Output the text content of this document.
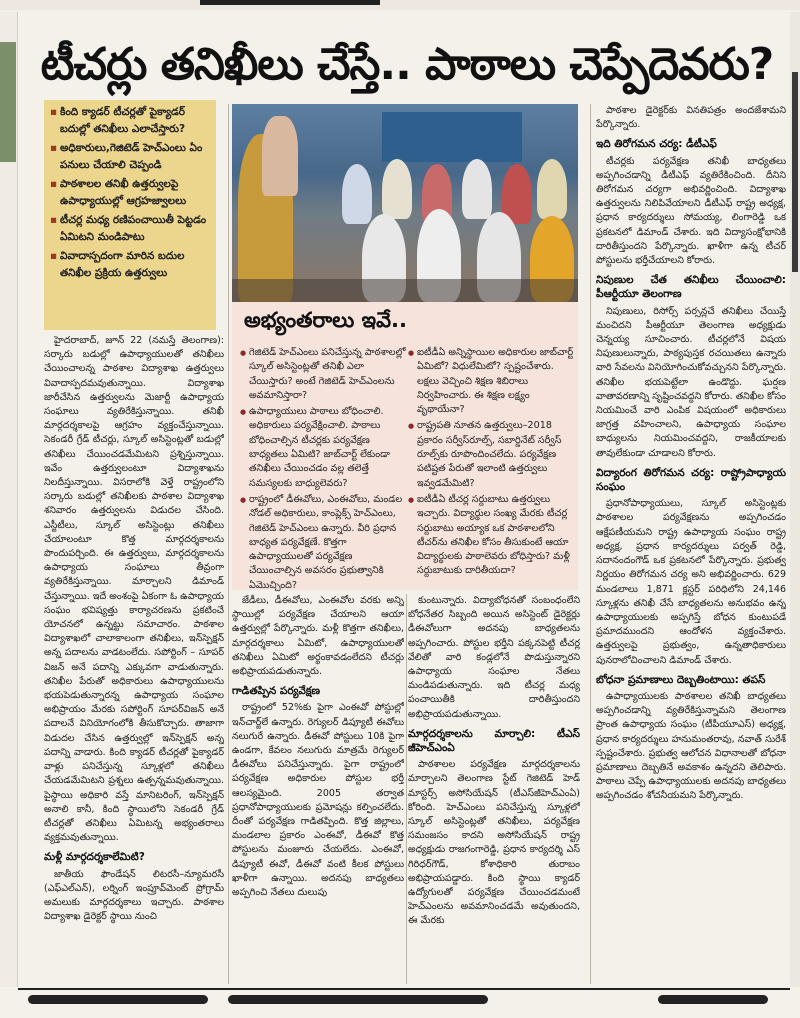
టీచర్లు తనిఖీలు చేస్తే.. పాఠాలు చెప్పేదెవరు?
▪ కింది క్యాడర్ టీచర్లతో పైక్యాడర్ బదుల్లో తనిఖీలు ఎలాచేస్తారు?
▪ అధికారులు,గెజిటెడ్ హెచ్‌ఎంలు ఏం పనులు చేయాలి చెప్పండి
▪ పాఠశాలల తనిఖీ ఉత్తర్వులపై ఉపాధ్యాయుల్లో ఆగ్రహజ్వాలలు
▪ టీచర్ల మధ్య రణిపంచాయితీ పెట్టడం ఏమిటని మండిపాటు
▪ వివాదాస్పదంగా మారిన బదుల తనిఖీల ప్రక్రియ ఉత్తర్వులు
అభ్యంతరాలు ఇవే..
● గెజిటెడ్ హెచ్‌ఎంలు పనిచేస్తున్న పాఠశాలల్లో స్కూల్ అసిస్టెంట్లతో తనిఖీ ఎలా చేయిస్తారు? అంటే గెజిటెడ్ హెచ్‌ఎంలను అవమానిస్తారా?
● ఉపాధ్యాయులు పాఠాలు బోధించాలి. అధికారులు పర్యవేక్షించాలి. పాఠాలు బోధించాల్సిన టీచర్లకు పర్యవేక్షణ బాధ్యతలు ఏమిటి? జాబ్‌చార్ట్ లేకుండా తనిఖీలు చేయించడం వల్ల తలెత్తే సమస్యలకు బాధ్యులెవరు?
● రాష్ట్రంలో డీఈవోలు, ఎంఈవోలు, మండల నోడల్ అధికారులు, కాంప్లెక్స్ హెచ్‌ఎంలు, గెజిటెడ్ హెచ్‌ఎంలు ఉన్నారు. వీరి ప్రధాన బాధ్యత పర్యవేక్షణే. కొత్తగా ఉపాధ్యాయులతో పర్యవేక్షణ చేయించాల్సిన అవసరం ప్రభుత్వానికి ఏమొచ్చింది?
● ఐటీడీఏ అన్నిస్థాయిల అధికారుల జాబ్‌చార్ట్ ఏమిటో? విధులేమిటో? స్పష్టంచేశారు. లక్షలు వెచ్చించి శిక్షణ శిబిరాలు నిర్వహించారు. ఈ శిక్షణ లక్ష్యం వృథాయేనా?
● రాష్ట్రపతి నూతన ఉత్తర్వులు–2018 ప్రకారం సర్వీస్‌రూల్స్, సబార్డినేట్ సర్వీస్ రూల్స్‌కు రూపొందించలేదు. పర్యవేక్షణ పటిష్టత పేరుతో ఇలాంటి ఉత్తర్వులు ఇవ్వడమేమిటి?
● ఐటీడీఏ టీచర్ల సర్దుబాటు ఉత్తర్వులు ఇచ్చారు. విద్యార్థుల సంఖ్య మేరకు టీచర్ల సర్దుబాటు అయ్యాక ఒక పాఠశాలలోని టీచర్‌ను తనిఖీల కోసం తీసుకుంటే ఆయా విద్యార్థులకు పాఠాలెవరు బోధిస్తారు? మళ్లీ సర్దుబాటుకు దారితీయదా?

హైదరాబాద్, జూన్ 22 (నమస్తే తెలంగాణ): సర్కారు బడుల్లో ఉపాధ్యాయులతో తనిఖీలు చేయించాలన్న పాఠశాల విద్యాశాఖ ఉత్తర్వులు వివాదాస్పదమవుతున్నాయి. విద్యాశాఖ జారీచేసిన ఉత్తర్వులను మెజార్టీ ఉపాధ్యాయ సంఘాలు వ్యతిరేకిస్తున్నాయి. తనిఖీ మార్గదర్శకాలపై ఆగ్రహం వ్యక్తంచేస్తున్నాయి. సెకండరీ గ్రేడ్ టీచర్లు, స్కూల్ అసిస్టెంట్లతో బడుల్లో తనిఖీలు చేయించడమేమిటని ప్రశ్నిస్తున్నాయి. ఇవేం ఉత్తర్వులంటూ విద్యాశాఖను నిలదీస్తున్నాయి. విసరాలోకి వెళ్తే రాష్ట్రంలోని సర్కారు బడుల్లో తనిఖీలకు పాఠశాల విద్యాశాఖ శనివారం ఉత్తర్వులను విడుదల చేసింది. ఎస్జీటీలు, స్కూల్ అసిస్టెంట్లు తనిఖీలు చేయాలంటూ కొత్త మార్గదర్శకాలను పొందుపర్చింది. ఈ ఉత్తర్వులు, మార్గదర్శకాలను ఉపాధ్యాయ సంఘాలు తీవ్రంగా వ్యతిరేకిస్తున్నాయి. మార్చాలని డిమాండ్ చేస్తున్నాయి. ఇదే అంశంపై ఏకంగా ఓ ఉపాధ్యాయ సంఘం భవిష్యత్తు కార్యాచరణను ప్రకటించే యోచనలో ఉన్నట్టు సమాచారం. పాఠశాల విద్యాశాఖలో చాలాకాలంగా తనిఖీలు, ఇన్‌స్పెక్షన్ అన్న పదాలను వాడటంలేదు. సపోర్టింగ్ – సూపర్ విజన్ అనే పదాన్ని ఎక్కువగా వాడుతున్నారు. తనిఖీల పేరుతో అధికారులు ఉపాధ్యాయులను భయపెడుతున్నారన్న ఉపాధ్యాయ సంఘాల అభిప్రాయం మేరకు సపోర్టింగ్ సూపర్‌విజన్ అనే పదాలనే వినియోగంలోకి తీసుకొచ్చారు. తాజాగా విడుదల చేసిన ఉత్తర్వుల్లో ఇన్‌స్పెక్షన్ అన్న పదాన్ని వాడారు. కింది క్యాడర్ టీచర్లతో పైక్యాడర్ వాళ్లు పనిచేస్తున్న స్కూళ్లలో తనిఖీలు చేయడమేమిటని ప్రశ్నలు ఉత్పన్నమవుతున్నాయి. పైస్థాయి అధికారి వస్తే మానిటరింగ్, ఇన్‌స్పెక్షన్ అనాలి కానీ, కింది స్థాయిలోని సెకండరీ గ్రేడ్ టీచర్లతో తనిఖీలు ఏమిటన్న అభ్యంతరాలు వ్యక్తమవుతున్నాయి.

మళ్లీ మార్గదర్శకాలేమిటి?

జాతీయ ఫౌండేషన్ లిటరసీ–న్యూమరసీ (ఎఫ్‌ఎల్‌ఎన్), లర్నింగ్ ఇంప్రూవ్‌మెంట్ ప్రోగ్రామ్ అమలుకు మార్గదర్శకాలు ఇచ్చారు. పాఠశాల విద్యాశాఖ డైరెక్టర్ స్థాయి నుంచి

జేడీలు, డీఈవోలు, ఎంఈవోల వరకు అన్ని స్థాయిల్లో పర్యవేక్షణ చేయాలని ఆయా ఉత్తర్వుల్లో పేర్కొన్నారు. మళ్లీ కొత్తగా తనిఖీలు, మార్గదర్శకాలు ఏమిటో, ఉపాధ్యాయులతో తనిఖీలు ఏమిటో అర్థంకావడంలేదని టీచర్లు అభిప్రాయపడుతున్నారు.

గాడితప్పిన పర్యవేక్షణ

రాష్ట్రంలో 52%కు పైగా ఎంఈవో పోస్టుల్లో ఇన్‌చార్జ్‌లే ఉన్నారు. రెగ్యులర్ డిప్యూటీ ఈవోలు నలుగురే ఉన్నారు. డీఈవో పోస్టులు 10కి పైగా ఉండగా, కేవలం నలుగురు మాత్రమే రెగ్యులర్ డీఈవోలు పనిచేస్తున్నారు. పైగా రాష్ట్రంలో పర్యవేక్షణ అధికారుల పోస్టుల భర్తీ ఆలస్యమైంది. 2005 తర్వాత ప్రధానోపాధ్యాయులకు ప్రమోషన్లు కల్పించలేదు. దీంతో పర్యవేక్షణ గాడితప్పింది. కొత్త జిల్లాలు, మండలాల ప్రకారం ఎంఈవో, డీఈవో కొత్త పోస్టులను మంజూరు చేయలేదు. ఎంఈవో, డిప్యూటీ ఈవో, డీఈవో వంటి కీలక పోస్టులు ఖాళీగా ఉన్నాయి. అదనపు బాధ్యతలు అప్పగించి నేతలు దులుపు

కుంటున్నారు. విద్యాబోధనతో సంబంధంలేని బోధనేతర సిబ్బంది అయిన అసిస్టెంట్ డైరెక్టర్లు డీఈవోలుగా అదనపు బాధ్యతలను అప్పగించారు. పోస్టుల భర్తీని పక్కనపెట్టి టీచర్ల వేలితో వారి కండ్లలోనే పొడుస్తున్నారని ఉపాధ్యాయ సంఘాల నేతలు మండిపడుతున్నారు. ఇది టీచర్ల మధ్య పంచాయితీకి దారితీస్తుందని అభిప్రాయపడుతున్నాయి.

మార్గదర్శకాలను మార్చాలి: టీఎస్ జీహెచ్‌ఎంఏ

పాఠశాలల పర్యవేక్షణ మార్గదర్శకాలను మార్చాలని తెలంగాణ స్టేట్ గెజిటెడ్ హెడ్ మాస్టర్స్ అసోసియేషన్ (టీఎస్‌జీహెచ్‌ఎంఏ) కోరింది. హెచ్‌ఎంలు పనిచేస్తున్న స్కూళ్లలో స్కూల్ అసిస్టెంట్లతో తనిఖీలు, పర్యవేక్షణ సమంజసం కాదని అసోసియేషన్ రాష్ట్ర అధ్యక్షుడు రాజగంగారెడ్డి, ప్రధాన కార్యదర్శి ఎస్ గిరిధర్‌గౌడ్, కోశాధికారి తురాబం అభిప్రాయపడ్డారు. కింది స్థాయి క్యాడర్ ఉద్యోగులతో పర్యవేక్షణ చేయించడమంటే హెచ్‌ఎంలను అవమానించడమే అవుతుందని, ఈ మేరకు

పాఠశాల డైరెక్టర్‌కు వినతిపత్రం అందజేశామని పేర్కొన్నారు.

ఇది తిరోగమన చర్య: డీటీఎఫ్

టీచర్లకు పర్యవేక్షణ తనిఖీ బాధ్యతలు అప్పగించడాన్ని డీటీఎఫ్ వ్యతిరేకించింది. దీనిని తిరోగమన చర్యగా అభివర్ణించింది. విద్యాశాఖ ఉత్తర్వులను నిలిపివేయాలని డీటీఎఫ్ రాష్ట్ర అధ్యక్ష, ప్రధాన కార్యదర్శులు సోమయ్య, లింగారెడ్డి ఒక ప్రకటనలో డిమాండ్ చేశారు. ఇది విద్యాసంక్షోభానికి దారితీస్తుందని పేర్కొన్నారు. ఖాళీగా ఉన్న టీచర్ పోస్టులను భర్తీచేయాలని కోరారు.

నిపుణుల చేత తనిఖీలు చేయించాలి: పీఆర్టీయూ తెలంగాణ

నిపుణులు, రిసోర్స్ పర్సన్లచే తనిఖీలు చేయిస్తే మంచిదని పీఆర్టీయూ తెలంగాణ అధ్యక్షుడు చెన్నయ్య సూచించారు. టీచర్లలోనే విషయ నిపుణులున్నారు, పాఠ్యపుస్తక రచయితలు ఉన్నారు వారి సేవలను వినియోగించుకోవచ్చునని పేర్కొన్నారు. తనిఖీల భయపెట్టేలా ఉండొద్దు. ఘర్షణ వాతావరణాన్ని సృష్టించవద్దని కోరారు. తనిఖీల కోసం నియమించే వారి ఎంపిక విషయంలో అధికారులు జాగ్రత్త వహించాలని, ఉపాధ్యాయ సంఘాల బాధ్యులను నియమించవద్దని, రాజకీయాలకు తావులేకుండా చూడాలని కోరారు.

విద్యారంగ తిరోగమన చర్య: రాష్ట్రోపాధ్యాయ సంఘం

ప్రధానోపాధ్యాయులు, స్కూల్ అసిస్టెంట్లకు పాఠశాలల పర్యవేక్షణను అప్పగించడం ఆక్షేపణీయమని రాష్ట్ర ఉపాధ్యాయ సంఘం రాష్ట్ర అధ్యక్ష, ప్రధాన కార్యదర్శులు పర్వత్ రెడ్డి, సదానందంగౌడ్ ఒక ప్రకటనలో పేర్కొన్నారు. ప్రభుత్వ నిర్ణయం తిరోగమన చర్య అని అభివర్ణించారు. 629 మండలాలు 1,871 క్లస్టర్ పరిధిలోని 24,146 స్కూళ్లను తనిఖీ చేసే బాధ్యతలను అనుభవం ఉన్న ఉపాధ్యాయులకు అప్పగిస్తే బోధన కుంటుపడే ప్రమాదముందని ఆందోళన వ్యక్తంచేశారు. ఉత్తర్వులపై ప్రభుత్వం, ఉన్నతాధికారులు పునరాలోచించాలని డిమాండ్ చేశారు.

బోధనా ప్రమాణాలు దెబ్బతింటాయి: తపస్

ఉపాధ్యాయులకు పాఠశాలల తనిఖీ బాధ్యతలు అప్పగించడాన్ని వ్యతిరేకిస్తున్నామని తెలంగాణ ప్రాంత ఉపాధ్యాయ సంఘం (టీపీయూఎస్) అధ్యక్ష, ప్రధాన కార్యదర్శులు హనుమంతరావు, నవాత్ సురేశ్ స్పష్టంచేశారు. ప్రభుత్వ ఆలోచన విధానాలతో బోధనా ప్రమాణాలు దెబ్బతినే అవకాశం ఉన్నదని తెలిపారు. పాఠాలు చెప్పే ఉపాధ్యాయులకు అదనపు బాధ్యతలు అప్పగించడం శోచనీయమని పేర్కొన్నారు.
